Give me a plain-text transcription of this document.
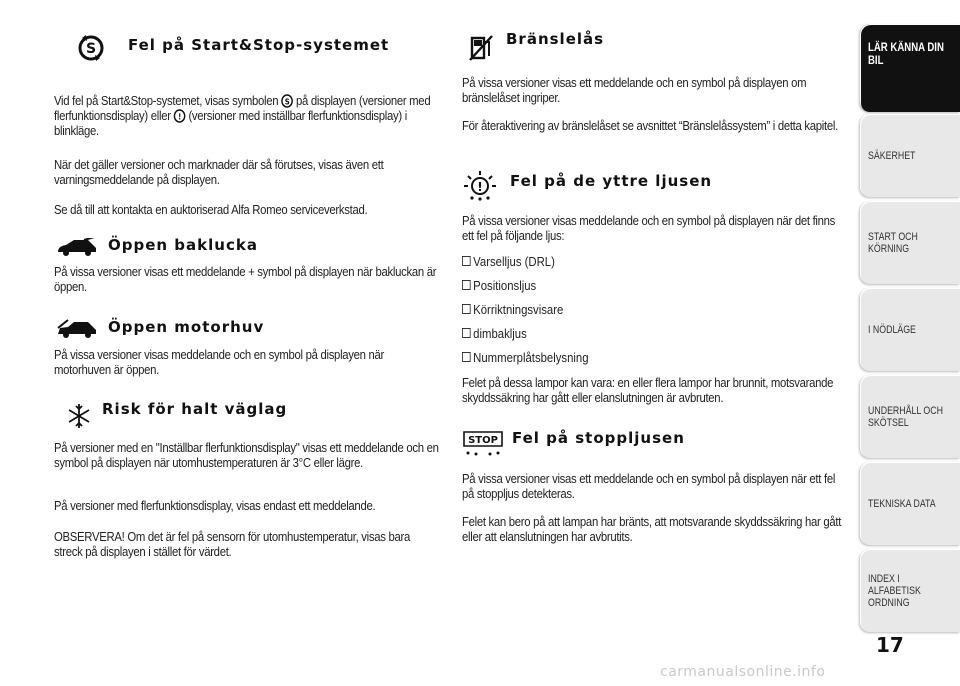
S Fel på Start&Stop-systemet
Vid fel på Start&Stop-systemet, visas symbolen S på displayen (versioner med flerfunktionsdisplay) eller ! (versioner med inställbar flerfunktionsdisplay) i blinkläge.
När det gäller versioner och marknader där så förutses, visas även ett varningsmeddelande på displayen.
Se då till att kontakta en auktoriserad Alfa Romeo serviceverkstad.
Öppen baklucka
På vissa versioner visas ett meddelande + symbol på displayen när bakluckan är öppen.
Öppen motorhuv
På vissa versioner visas meddelande och en symbol på displayen när motorhuven är öppen.
Risk för halt väglag
På versioner med en "Inställbar flerfunktionsdisplay" visas ett meddelande och en symbol på displayen när utomhustemperaturen är 3°C eller lägre.
På versioner med flerfunktionsdisplay, visas endast ett meddelande.
OBSERVERA! Om det är fel på sensorn för utomhustemperatur, visas bara streck på displayen i stället för värdet.
Bränslelås
På vissa versioner visas ett meddelande och en symbol på displayen om bränslelåset ingriper.
För återaktivering av bränslelåset se avsnittet “Bränslelåssystem” i detta kapitel.
! Fel på de yttre ljusen
På vissa versioner visas meddelande och en symbol på displayen när det finns ett fel på följande ljus:
Varselljus (DRL)
Positionsljus
Körriktningsvisare
dimbakljus
Nummerplåtsbelysning
Felet på dessa lampor kan vara: en eller flera lampor har brunnit, motsvarande skyddssäkring har gått eller elanslutningen är avbruten.
STOP Fel på stoppljusen
På vissa versioner visas ett meddelande och en symbol på displayen när ett fel på stoppljus detekteras.
Felet kan bero på att lampan har bränts, att motsvarande skyddssäkring har gått eller att elanslutningen har avbrutits.
LÄR KÄNNA DIN BIL
SÄKERHET
START OCH KÖRNING
I NÖDLÄGE
UNDERHÅLL OCH SKÖTSEL
TEKNISKA DATA
INDEX I ALFABETISK ORDNING
17
carmanualsonline.info
